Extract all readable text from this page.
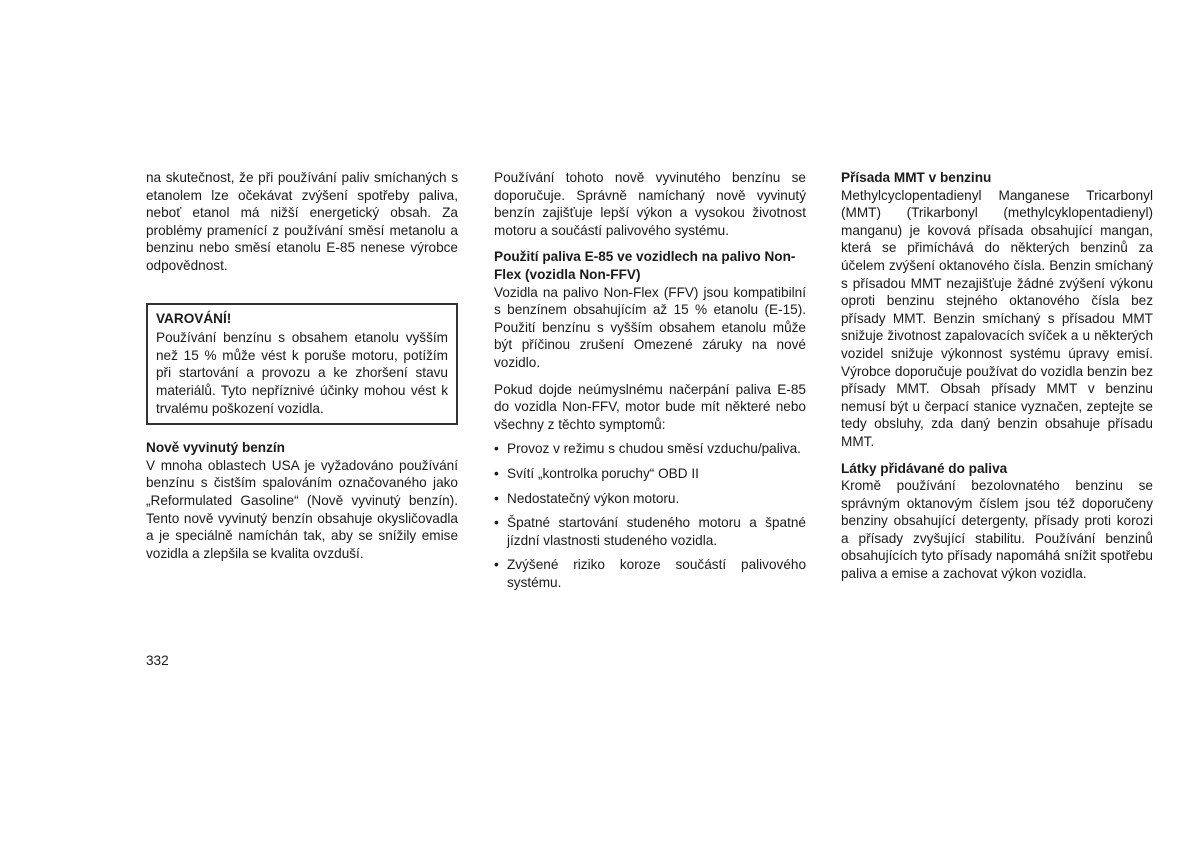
na skutečnost, že při používání paliv smíchaných s etanolem lze očekávat zvýšení spotřeby paliva, neboť etanol má nižší energetický obsah. Za problémy pramenící z používání směsí metanolu a benzinu nebo směsí etanolu E-85 nenese výrobce odpovědnost.

VAROVÁNÍ!

Používání benzínu s obsahem etanolu vyšším než 15 % může vést k poruše motoru, potížím při startování a provozu a ke zhoršení stavu materiálů. Tyto nepříznivé účinky mohou vést k trvalému poškození vozidla.

Nově vyvinutý benzín

V mnoha oblastech USA je vyžadováno používání benzínu s čistším spalováním označovaného jako „Reformulated Gasoline“ (Nově vyvinutý benzín). Tento nově vyvinutý benzín obsahuje okysličovadla a je speciálně namíchán tak, aby se snížily emise vozidla a zlepšila se kvalita ovzduší.

Používání tohoto nově vyvinutého benzínu se doporučuje. Správně namíchaný nově vyvinutý benzín zajišťuje lepší výkon a vysokou životnost motoru a součástí palivového systému.

Použití paliva E-85 ve vozidlech na palivo Non-Flex (vozidla Non-FFV)

Vozidla na palivo Non-Flex (FFV) jsou kompatibilní s benzínem obsahujícím až 15 % etanolu (E-15). Použití benzínu s vyšším obsahem etanolu může být příčinou zrušení Omezené záruky na nové vozidlo.

Pokud dojde neúmyslnému načerpání paliva E-85 do vozidla Non-FFV, motor bude mít některé nebo všechny z těchto symptomů:

• Provoz v režimu s chudou směsí vzduchu/paliva.
• Svítí „kontrolka poruchy“ OBD II
• Nedostatečný výkon motoru.
• Špatné startování studeného motoru a špatné jízdní vlastnosti studeného vozidla.
• Zvýšené riziko koroze součástí palivového systému.
Přísada MMT v benzinu

Methylcyclopentadienyl Manganese Tricarbonyl (MMT) (Trikarbonyl (methylcyklopentadienyl) manganu) je kovová přísada obsahující mangan, která se přimíchává do některých benzinů za účelem zvýšení oktanového čísla. Benzin smíchaný s přísadou MMT nezajišťuje žádné zvýšení výkonu oproti benzinu stejného oktanového čísla bez přísady MMT. Benzin smíchaný s přísadou MMT snižuje životnost zapalovacích svíček a u některých vozidel snižuje výkonnost systému úpravy emisí. Výrobce doporučuje používat do vozidla benzin bez přísady MMT. Obsah přísady MMT v benzinu nemusí být u čerpací stanice vyznačen, zeptejte se tedy obsluhy, zda daný benzin obsahuje přísadu MMT.

Látky přidávané do paliva

Kromě používání bezolovnatého benzinu se správným oktanovým číslem jsou též doporučeny benziny obsahující detergenty, přísady proti korozi a přísady zvyšující stabilitu. Používání benzinů obsahujících tyto přísady napomáhá snížit spotřebu paliva a emise a zachovat výkon vozidla.

332
